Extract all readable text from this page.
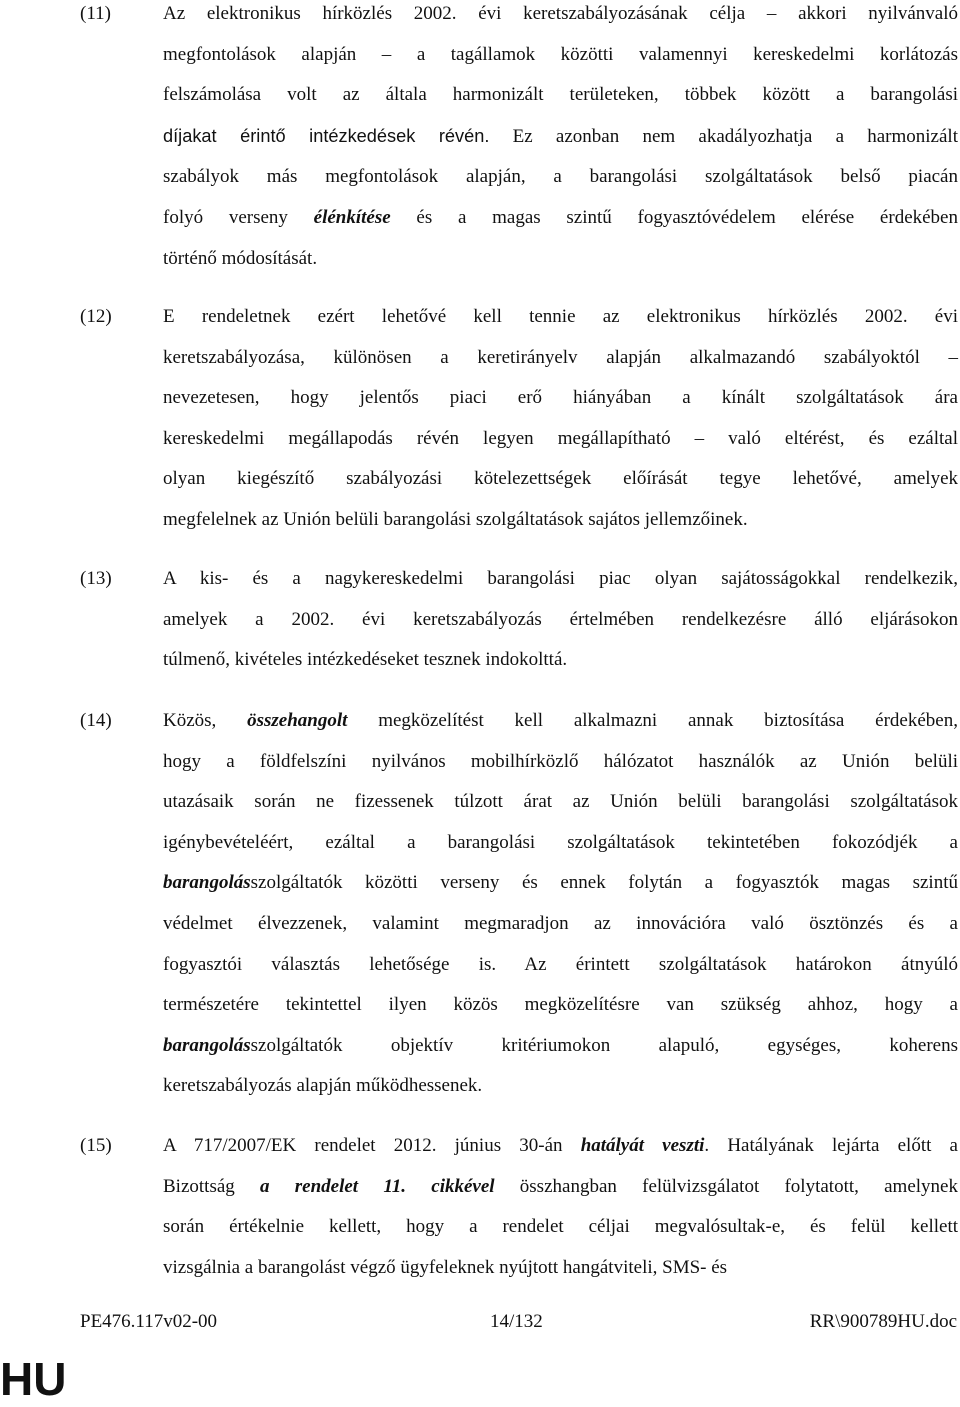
(11)	Az elektronikus hírközlés 2002. évi keretszabályozásának célja – akkori nyilvánvaló
megfontolások alapján – a tagállamok közötti valamennyi kereskedelmi korlátozás
felszámolása volt az általa harmonizált területeken, többek között a barangolási
díjakat érintő intézkedések révén. Ez azonban nem akadályozhatja a harmonizált
szabályok más megfontolások alapján, a barangolási szolgáltatások belső piacán
folyó verseny élénkítése és a magas szintű fogyasztóvédelem elérése érdekében
történő módosítását.
(12)	E rendeletnek ezért lehetővé kell tennie az elektronikus hírközlés 2002. évi
keretszabályozása, különösen a keretirányelv alapján alkalmazandó szabályoktól –
nevezetesen, hogy jelentős piaci erő hiányában a kínált szolgáltatások ára
kereskedelmi megállapodás révén legyen megállapítható – való eltérést, és ezáltal
olyan kiegészítő szabályozási kötelezettségek előírását tegye lehetővé, amelyek
megfelelnek az Unión belüli barangolási szolgáltatások sajátos jellemzőinek.
(13)	A kis- és a nagykereskedelmi barangolási piac olyan sajátosságokkal rendelkezik,
amelyek a 2002. évi keretszabályozás értelmében rendelkezésre álló eljárásokon
túlmenő, kivételes intézkedéseket tesznek indokolttá.
(14)	Közös, összehangolt megközelítést kell alkalmazni annak biztosítása érdekében,
hogy a földfelszíni nyilvános mobilhírközlő hálózatot használók az Unión belüli
utazásaik során ne fizessenek túlzott árat az Unión belüli barangolási szolgáltatások
igénybevételéért, ezáltal a barangolási szolgáltatások tekintetében fokozódjék a
barangolásszolgáltatók közötti verseny és ennek folytán a fogyasztók magas szintű
védelmet élvezzenek, valamint megmaradjon az innovációra való ösztönzés és a
fogyasztói választás lehetősége is. Az érintett szolgáltatások határokon átnyúló
természetére tekintettel ilyen közös megközelítésre van szükség ahhoz, hogy a
barangolásszolgáltatók objektív kritériumokon alapuló, egységes, koherens
keretszabályozás alapján működhessenek.
(15)	A 717/2007/EK rendelet 2012. június 30-án hatályát veszti. Hatályának lejárta előtt a
Bizottság a rendelet 11. cikkével összhangban felülvizsgálatot folytatott, amelynek
során értékelnie kellett, hogy a rendelet céljai megvalósultak-e, és felül kellett
vizsgálnia a barangolást végző ügyfeleknek nyújtott hangátviteli, SMS- és
PE476.117v02-00	14/132	RR\900789HU.doc
HU
